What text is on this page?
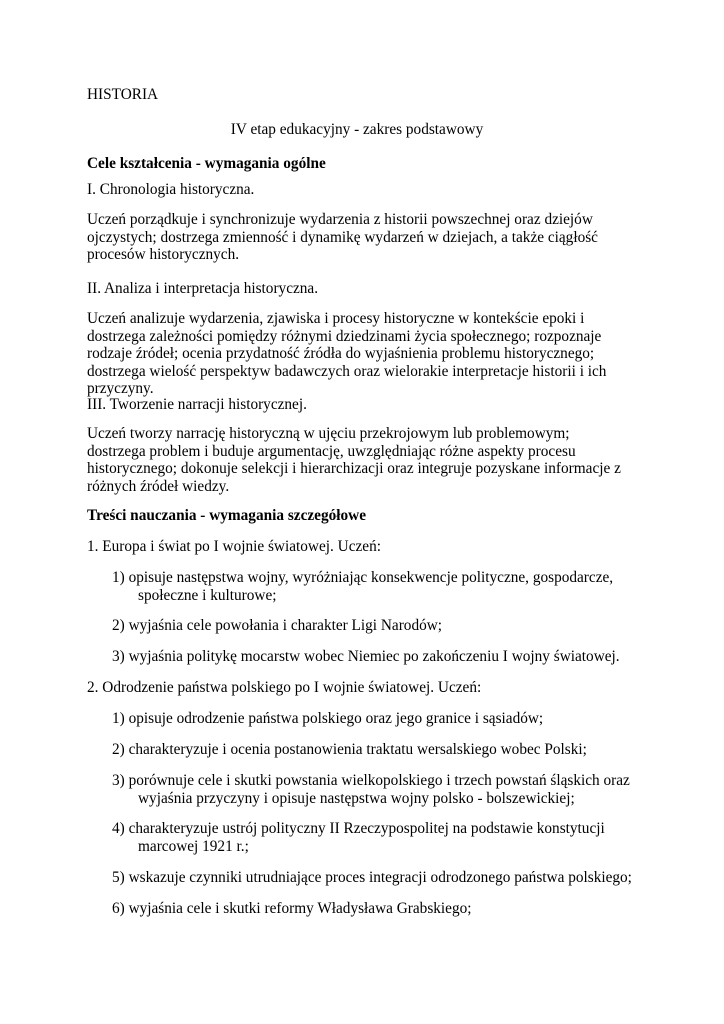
HISTORIA

IV etap edukacyjny - zakres podstawowy

Cele kształcenia - wymagania ogólne

I. Chronologia historyczna.

Uczeń porządkuje i synchronizuje wydarzenia z historii powszechnej oraz dziejów ojczystych; dostrzega zmienność i dynamikę wydarzeń w dziejach, a także ciągłość procesów historycznych.

II. Analiza i interpretacja historyczna.

Uczeń analizuje wydarzenia, zjawiska i procesy historyczne w kontekście epoki i dostrzega zależności pomiędzy różnymi dziedzinami życia społecznego; rozpoznaje rodzaje źródeł; ocenia przydatność źródła do wyjaśnienia problemu historycznego; dostrzega wielość perspektyw badawczych oraz wielorakie interpretacje historii i ich przyczyny.

III. Tworzenie narracji historycznej.

Uczeń tworzy narrację historyczną w ujęciu przekrojowym lub problemowym; dostrzega problem i buduje argumentację, uwzględniając różne aspekty procesu historycznego; dokonuje selekcji i hierarchizacji oraz integruje pozyskane informacje z różnych źródeł wiedzy.

Treści nauczania - wymagania szczegółowe

1. Europa i świat po I wojnie światowej. Uczeń:

1) opisuje następstwa wojny, wyróżniając konsekwencje polityczne, gospodarcze, społeczne i kulturowe;

2) wyjaśnia cele powołania i charakter Ligi Narodów;

3) wyjaśnia politykę mocarstw wobec Niemiec po zakończeniu I wojny światowej.

2. Odrodzenie państwa polskiego po I wojnie światowej. Uczeń:

1) opisuje odrodzenie państwa polskiego oraz jego granice i sąsiadów;

2) charakteryzuje i ocenia postanowienia traktatu wersalskiego wobec Polski;

3) porównuje cele i skutki powstania wielkopolskiego i trzech powstań śląskich oraz wyjaśnia przyczyny i opisuje następstwa wojny polsko - bolszewickiej;

4) charakteryzuje ustrój polityczny II Rzeczypospolitej na podstawie konstytucji marcowej 1921 r.;

5) wskazuje czynniki utrudniające proces integracji odrodzonego państwa polskiego;

6) wyjaśnia cele i skutki reformy Władysława Grabskiego;
